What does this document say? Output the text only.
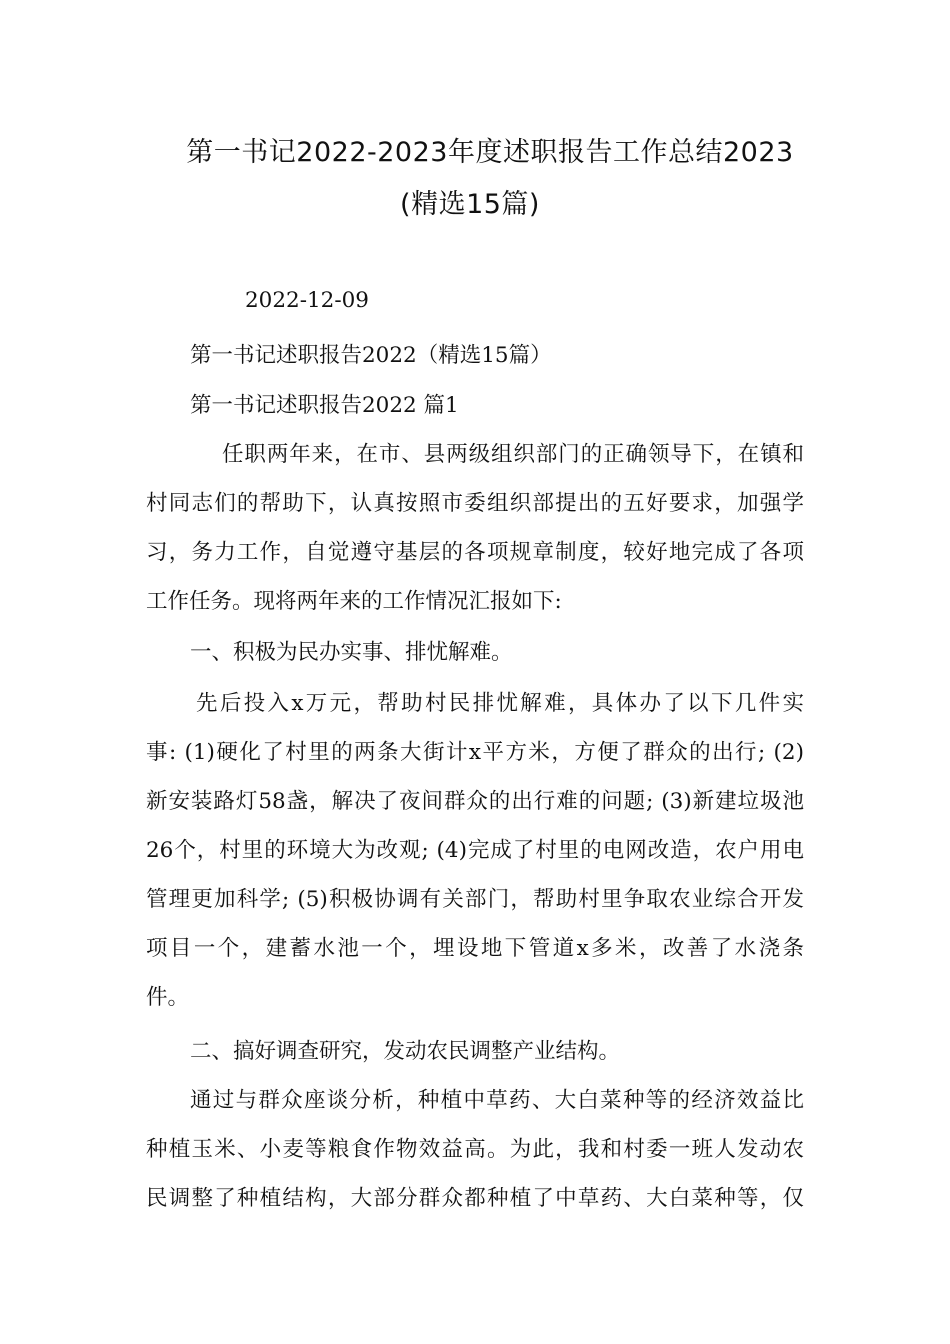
第一书记2022-2023年度述职报告工作总结2023
(精选15篇)
2022-12-09
第一书记述职报告2022（精选15篇）
第一书记述职报告2022 篇1
任职两年来，在市、县两级组织部门的正确领导下，在镇和
村同志们的帮助下，认真按照市委组织部提出的五好要求，加强学
习，务力工作，自觉遵守基层的各项规章制度，较好地完成了各项
工作任务。现将两年来的工作情况汇报如下:
一、积极为民办实事、排忧解难。
先后投入x万元，帮助村民排忧解难，具体办了以下几件实
事: (1)硬化了村里的两条大街计x平方米，方便了群众的出行; (2)
新安装路灯58盏，解决了夜间群众的出行难的问题; (3)新建垃圾池
26个，村里的环境大为改观; (4)完成了村里的电网改造，农户用电
管理更加科学; (5)积极协调有关部门，帮助村里争取农业综合开发
项目一个，建蓄水池一个，埋设地下管道x多米，改善了水浇条
件。
二、搞好调查研究，发动农民调整产业结构。
通过与群众座谈分析，种植中草药、大白菜种等的经济效益比
种植玉米、小麦等粮食作物效益高。为此，我和村委一班人发动农
民调整了种植结构，大部分群众都种植了中草药、大白菜种等，仅
